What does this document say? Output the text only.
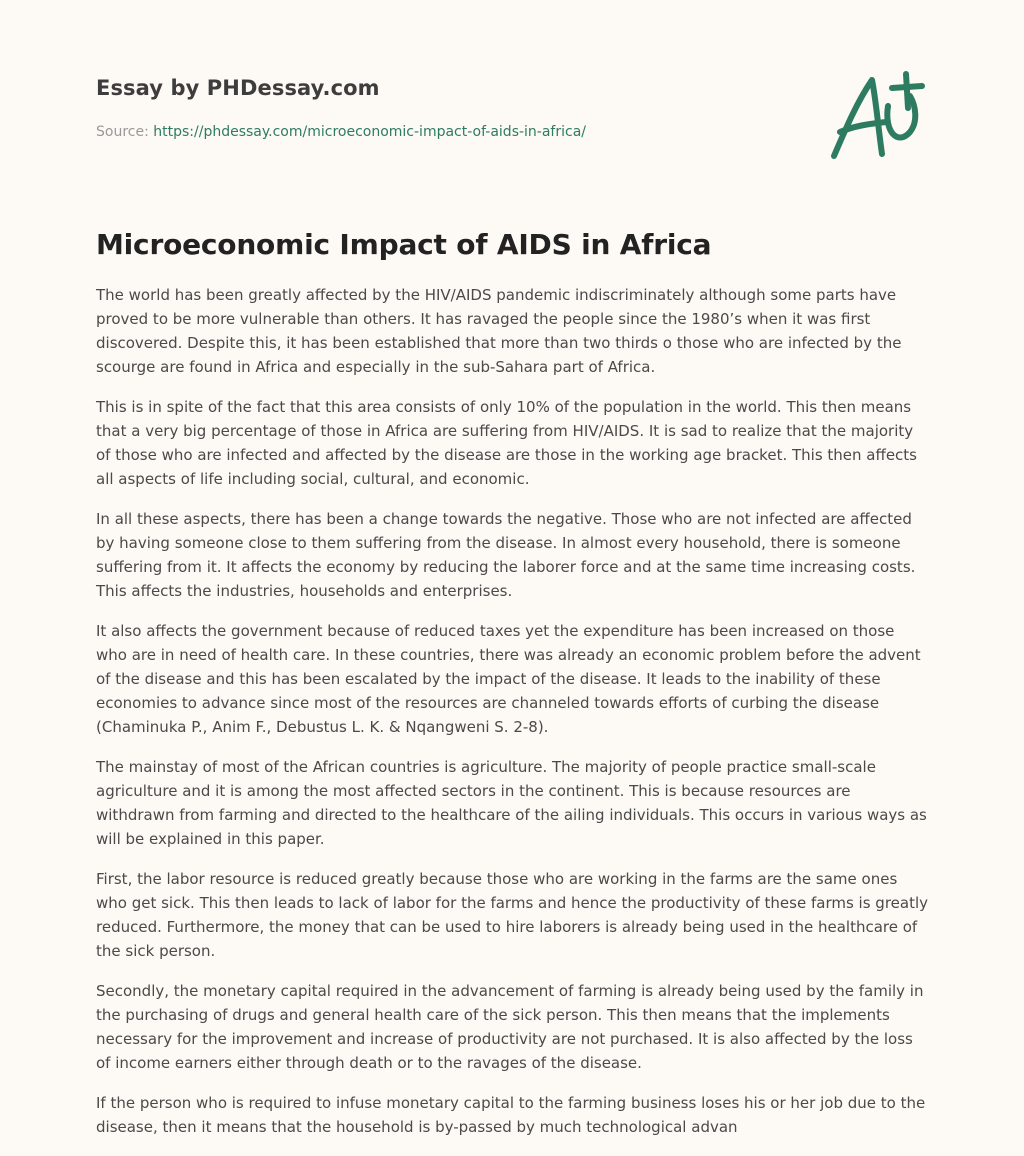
Essay by PHDessay.com

Source: https://phdessay.com/microeconomic-impact-of-aids-in-africa/

Microeconomic Impact of AIDS in Africa

The world has been greatly affected by the HIV/AIDS pandemic indiscriminately although some parts have proved to be more vulnerable than others. It has ravaged the people since the 1980’s when it was first discovered. Despite this, it has been established that more than two thirds o those who are infected by the scourge are found in Africa and especially in the sub-Sahara part of Africa.

This is in spite of the fact that this area consists of only 10% of the population in the world. This then means that a very big percentage of those in Africa are suffering from HIV/AIDS. It is sad to realize that the majority of those who are infected and affected by the disease are those in the working age bracket. This then affects all aspects of life including social, cultural, and economic.

In all these aspects, there has been a change towards the negative. Those who are not infected are affected by having someone close to them suffering from the disease. In almost every household, there is someone suffering from it. It affects the economy by reducing the laborer force and at the same time increasing costs. This affects the industries, households and enterprises.

It also affects the government because of reduced taxes yet the expenditure has been increased on those who are in need of health care. In these countries, there was already an economic problem before the advent of the disease and this has been escalated by the impact of the disease. It leads to the inability of these economies to advance since most of the resources are channeled towards efforts of curbing the disease (Chaminuka P., Anim F., Debustus L. K. & Nqangweni S. 2-8).

The mainstay of most of the African countries is agriculture. The majority of people practice small-scale agriculture and it is among the most affected sectors in the continent. This is because resources are withdrawn from farming and directed to the healthcare of the ailing individuals. This occurs in various ways as will be explained in this paper.

First, the labor resource is reduced greatly because those who are working in the farms are the same ones who get sick. This then leads to lack of labor for the farms and hence the productivity of these farms is greatly reduced. Furthermore, the money that can be used to hire laborers is already being used in the healthcare of the sick person.

Secondly, the monetary capital required in the advancement of farming is already being used by the family in the purchasing of drugs and general health care of the sick person. This then means that the implements necessary for the improvement and increase of productivity are not purchased. It is also affected by the loss of income earners either through death or to the ravages of the disease.

If the person who is required to infuse monetary capital to the farming business loses his or her job due to the disease, then it means that the household is by-passed by much technological advan
